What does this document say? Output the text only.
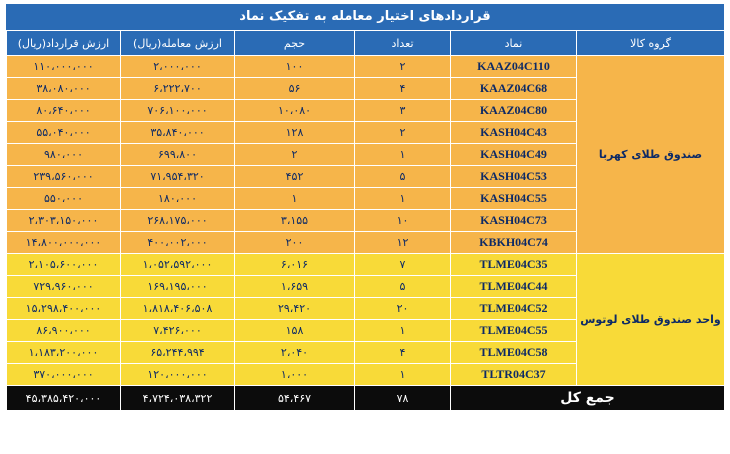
قراردادهای اختیار معامله به تفکیک نماد
ارزش قرارداد(ریال)	ارزش معامله(ریال)	حجم	تعداد	نماد	گروه کالا
۱۱۰،۰۰۰،۰۰۰	۲،۰۰۰،۰۰۰	۱۰۰	۲	KAAZ04C110	صندوق طلای کهربا
۳۸،۰۸۰،۰۰۰	۶،۲۲۲،۷۰۰	۵۶	۴	KAAZ04C68	
۸۰،۶۴۰،۰۰۰	۷۰۶،۱۰۰،۰۰۰	۱۰،۰۸۰	۳	KAAZ04C80	
۵۵،۰۴۰،۰۰۰	۳۵،۸۴۰،۰۰۰	۱۲۸	۲	KASH04C43	
۹۸۰،۰۰۰	۶۹۹،۸۰۰	۲	۱	KASH04C49	
۲۳۹،۵۶۰،۰۰۰	۷۱،۹۵۴،۳۲۰	۴۵۲	۵	KASH04C53	
۵۵۰،۰۰۰	۱۸۰،۰۰۰	۱	۱	KASH04C55	
۲،۳۰۳،۱۵۰،۰۰۰	۲۶۸،۱۷۵،۰۰۰	۳،۱۵۵	۱۰	KASH04C73	
۱۴،۸۰۰،۰۰۰،۰۰۰	۴۰۰،۰۰۲،۰۰۰	۲۰۰	۱۲	KBKH04C74	
۲،۱۰۵،۶۰۰،۰۰۰	۱،۰۵۲،۵۹۲،۰۰۰	۶،۰۱۶	۷	TLME04C35	واحد صندوق طلای لوتوس
۷۲۹،۹۶۰،۰۰۰	۱۶۹،۱۹۵،۰۰۰	۱،۶۵۹	۵	TLME04C44	
۱۵،۲۹۸،۴۰۰،۰۰۰	۱،۸۱۸،۴۰۶،۵۰۸	۲۹،۴۲۰	۲۰	TLME04C52	
۸۶،۹۰۰،۰۰۰	۷،۴۲۶،۰۰۰	۱۵۸	۱	TLME04C55	
۱،۱۸۳،۲۰۰،۰۰۰	۶۵،۲۴۴،۹۹۴	۲،۰۴۰	۴	TLME04C58	
۳۷۰،۰۰۰،۰۰۰	۱۲۰،۰۰۰،۰۰۰	۱،۰۰۰	۱	TLTR04C37	
۴۵،۳۸۵،۴۲۰،۰۰۰	۴،۷۲۴،۰۳۸،۳۲۲	۵۴،۴۶۷	۷۸	جمع کل	
